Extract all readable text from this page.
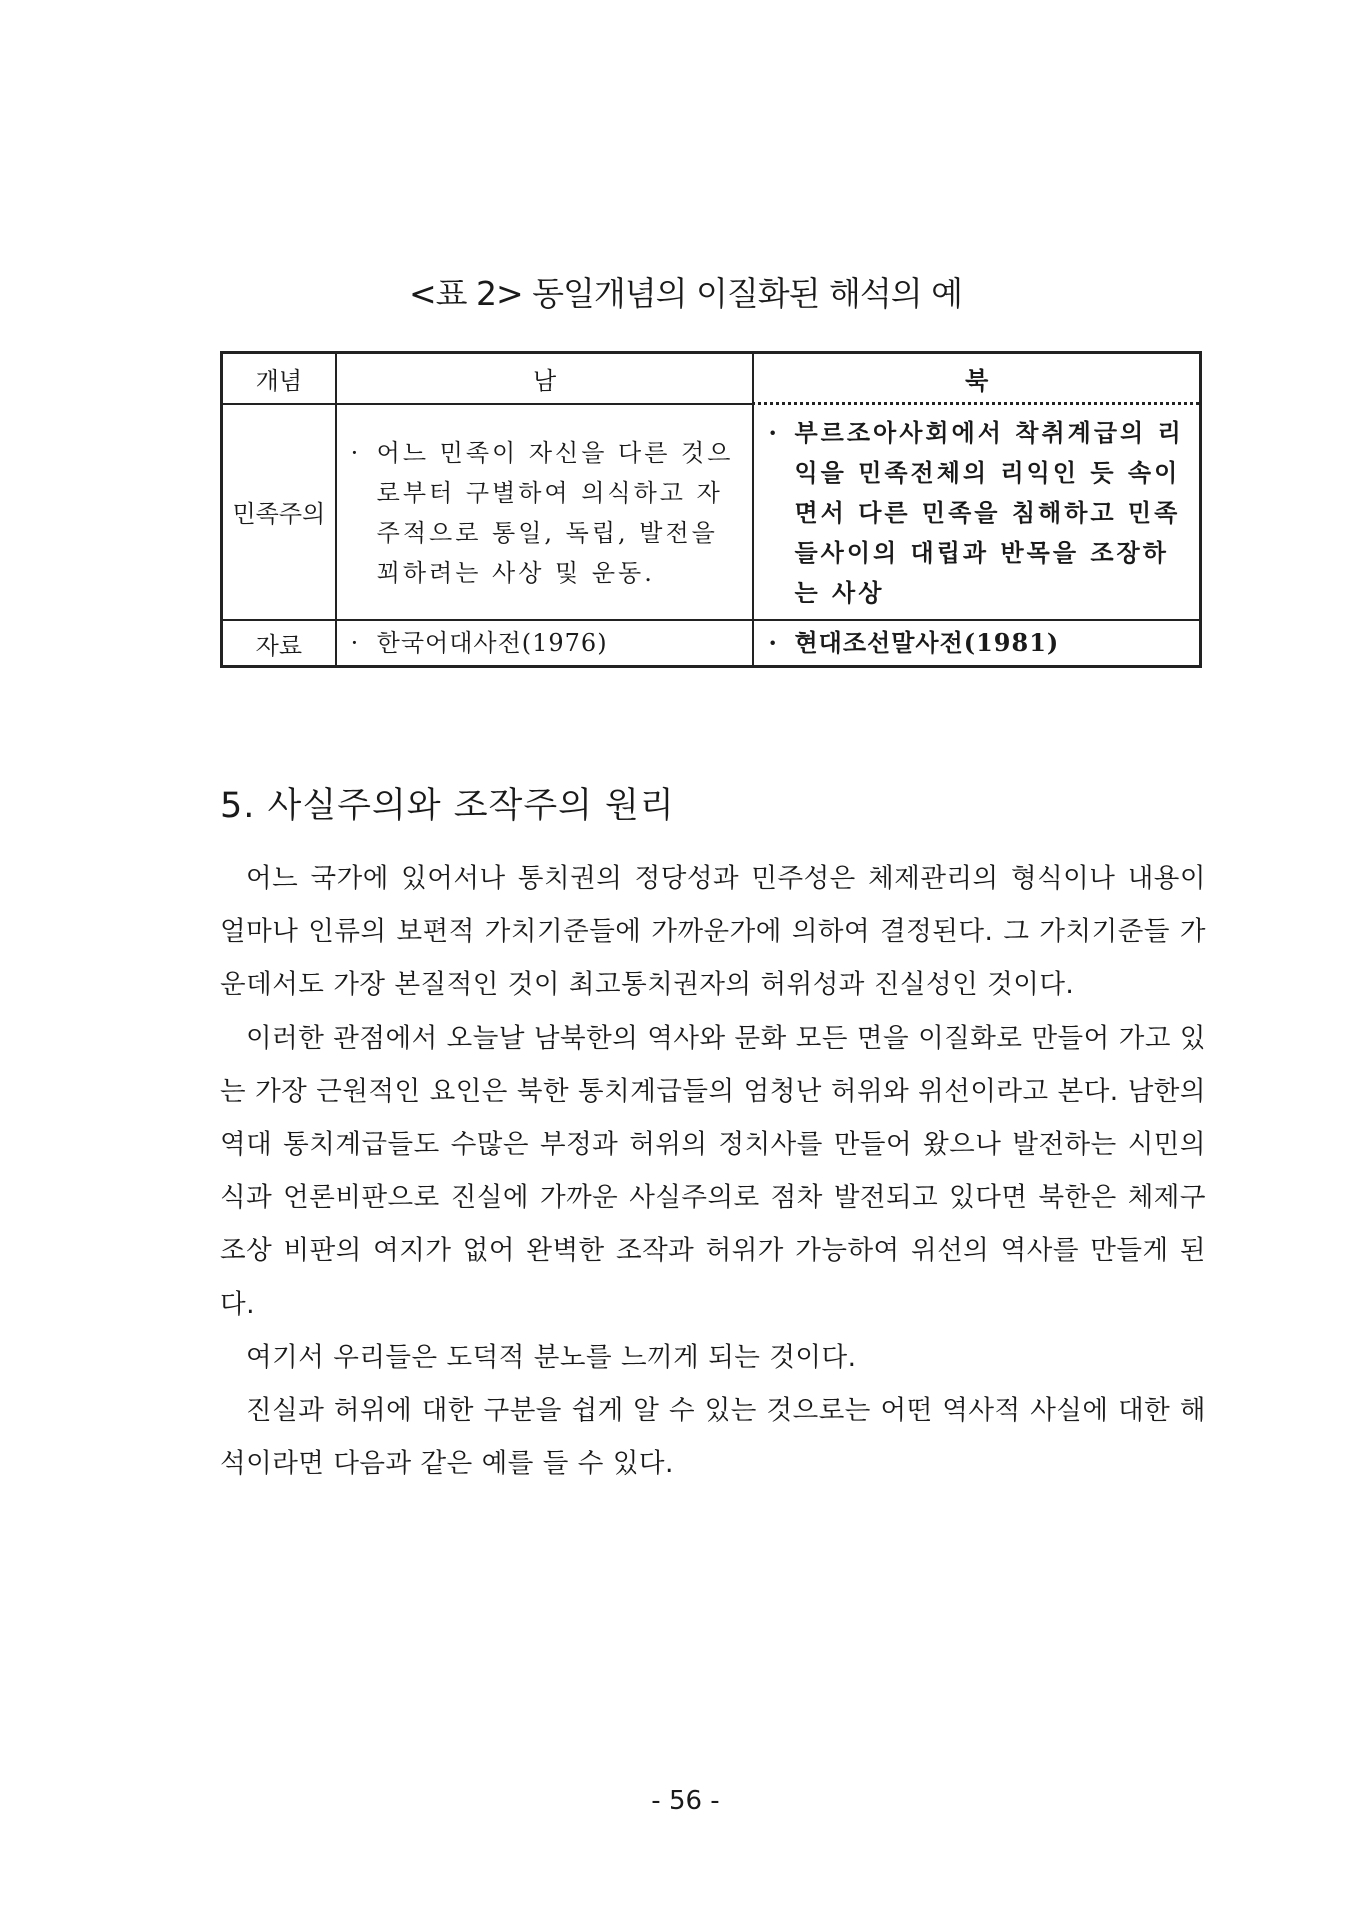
<표 2> 동일개념의 이질화된 해석의 예
개념	남	북
민족주의	· 어느 민족이 자신을 다른 것으로부터 구별하여 의식하고 자주적으로 통일, 독립, 발전을 꾀하려는 사상 및 운동.	· 부르조아사회에서 착취계급의 리익을 민족전체의 리익인 듯 속이면서 다른 민족을 침해하고 민족들사이의 대립과 반목을 조장하는 사상

자료	· 한국어대사전(1976)	· 현대조선말사전(1981)
5. 사실주의와 조작주의 원리

어느 국가에 있어서나 통치권의 정당성과 민주성은 체제관리의 형식이나 내용이 얼마나 인류의 보편적 가치기준들에 가까운가에 의하여 결정된다. 그 가치기준들 가운데서도 가장 본질적인 것이 최고통치권자의 허위성과 진실성인 것이다.

이러한 관점에서 오늘날 남북한의 역사와 문화 모든 면을 이질화로 만들어 가고 있는 가장 근원적인 요인은 북한 통치계급들의 엄청난 허위와 위선이라고 본다. 남한의 역대 통치계급들도 수많은 부정과 허위의 정치사를 만들어 왔으나 발전하는 시민의식과 언론비판으로 진실에 가까운 사실주의로 점차 발전되고 있다면 북한은 체제구조상 비판의 여지가 없어 완벽한 조작과 허위가 가능하여 위선의 역사를 만들게 된다.

여기서 우리들은 도덕적 분노를 느끼게 되는 것이다.

진실과 허위에 대한 구분을 쉽게 알 수 있는 것으로는 어떤 역사적 사실에 대한 해석이라면 다음과 같은 예를 들 수 있다.

- 56 -
